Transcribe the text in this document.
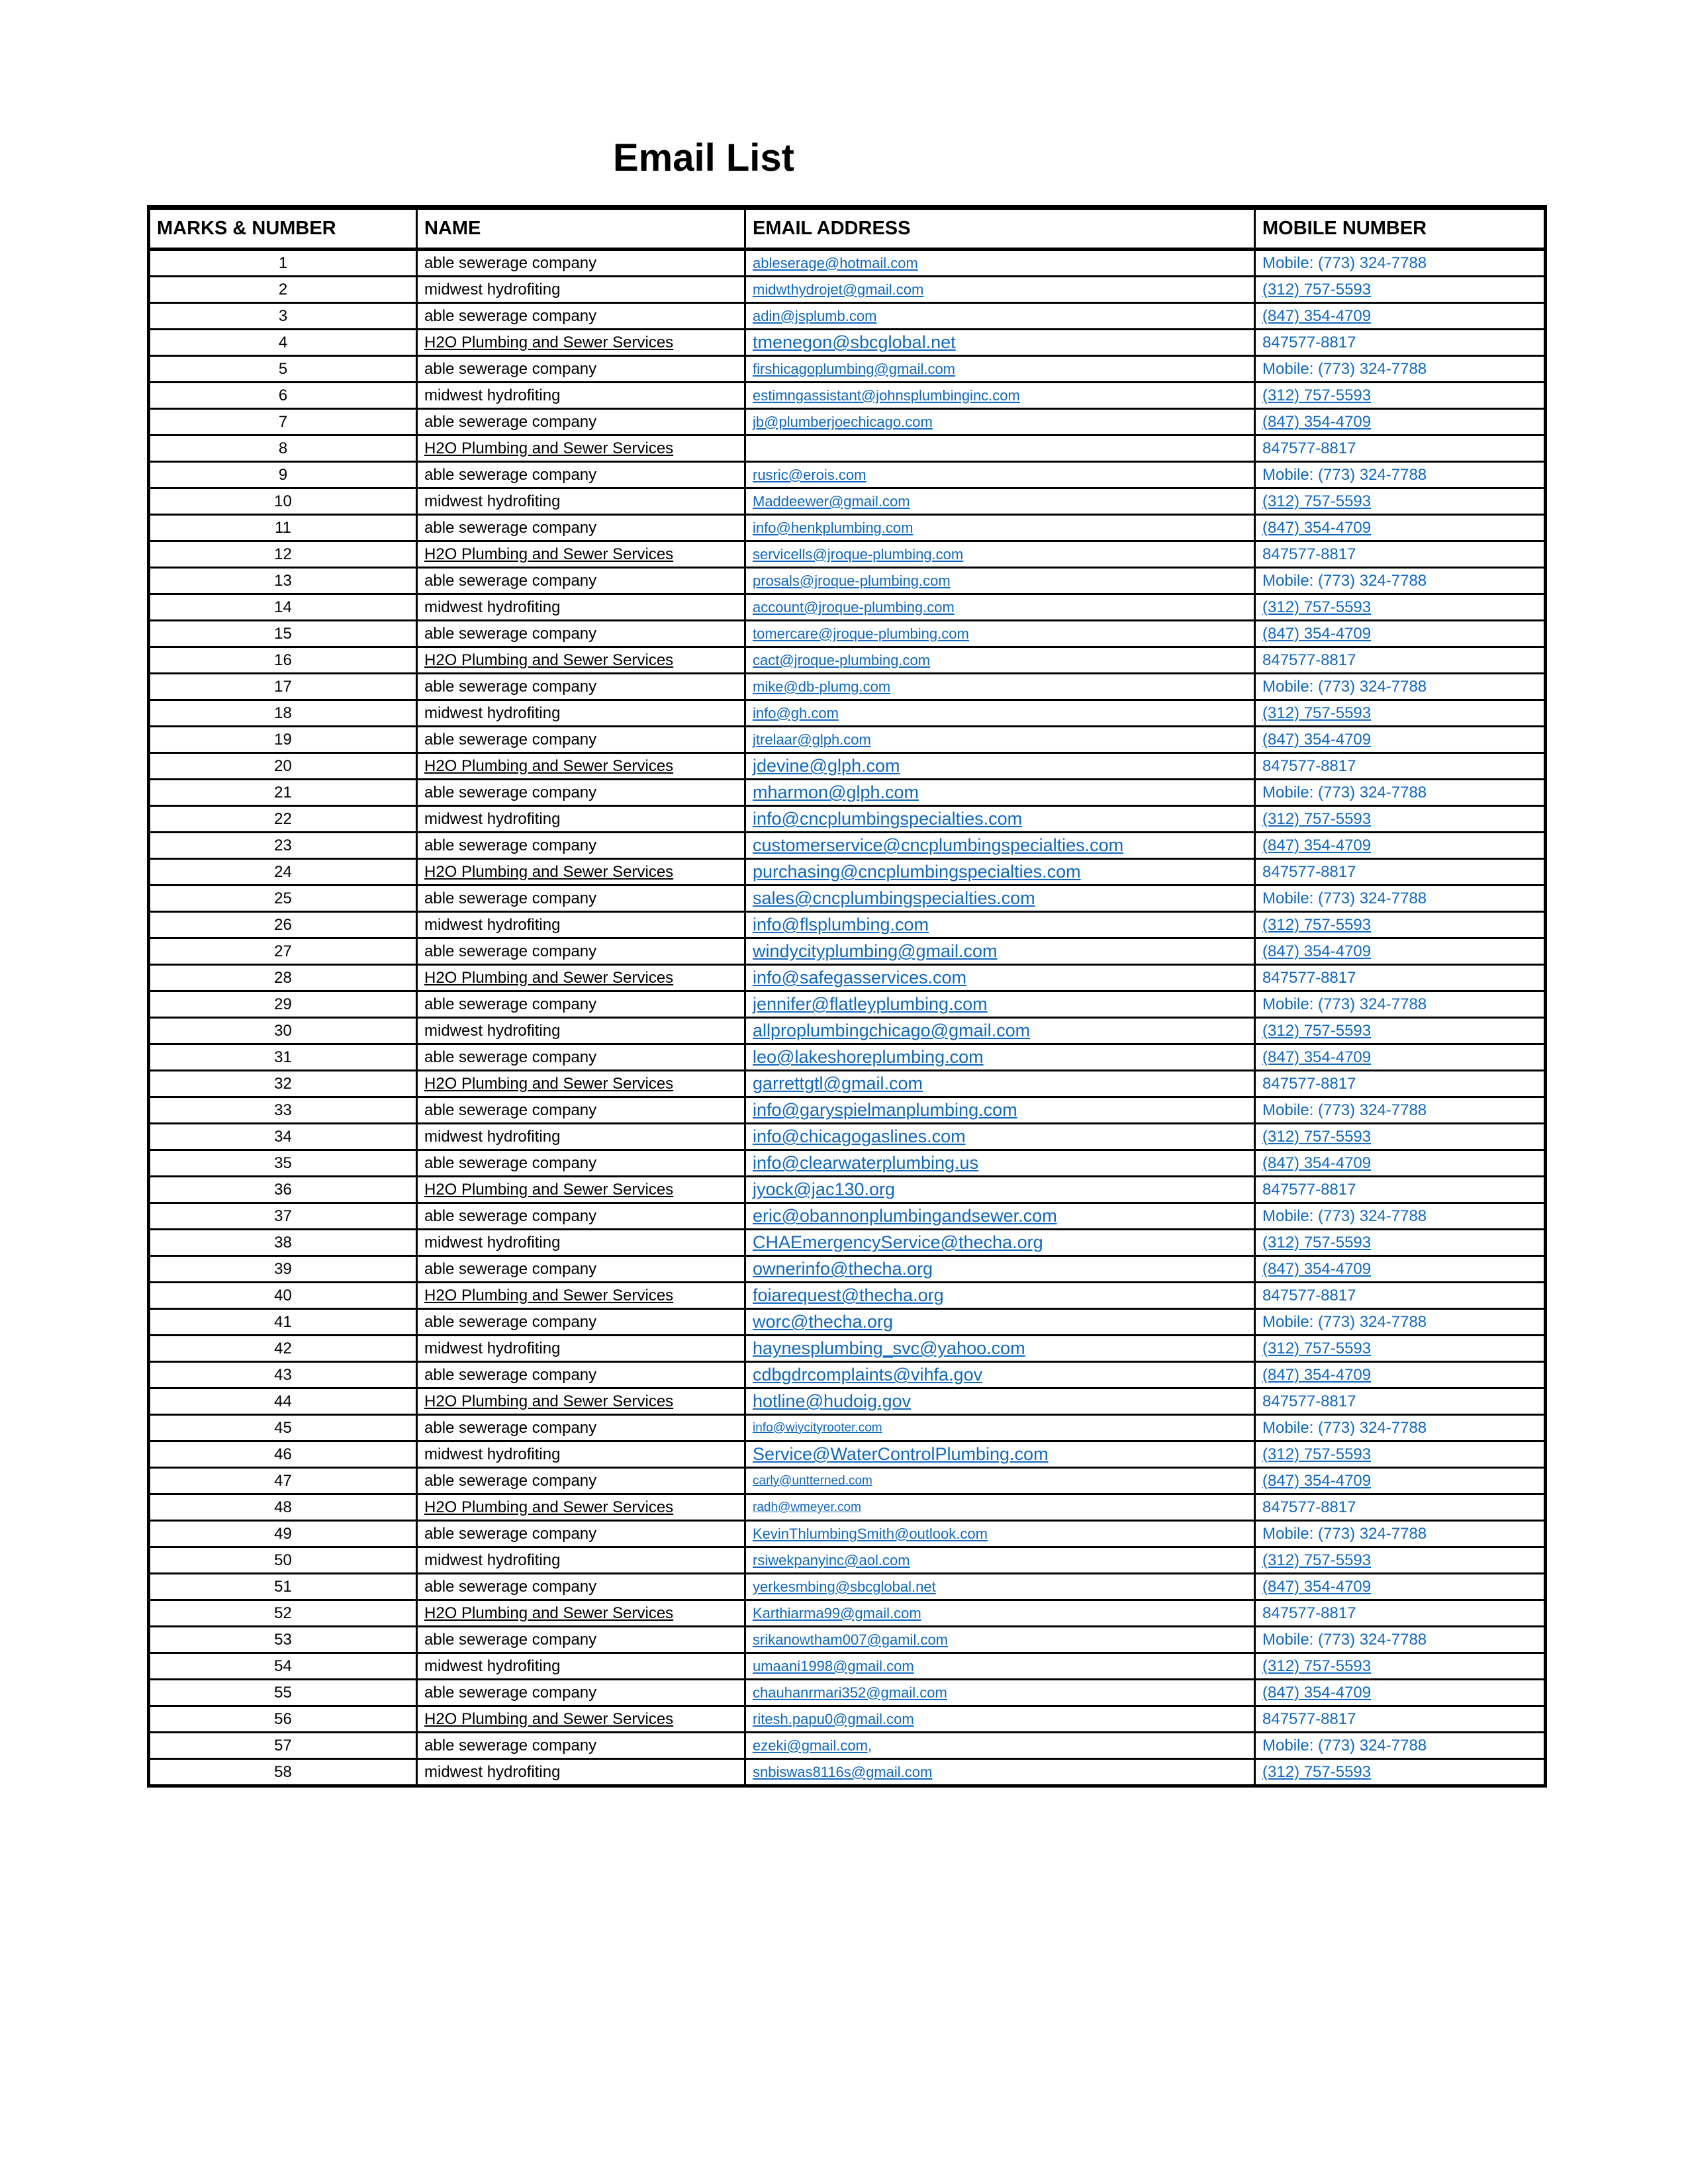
Email List
MARKS & NUMBER	NAME	EMAIL ADDRESS	MOBILE NUMBER
1	able sewerage company	ableserage@hotmail.com	Mobile: (773) 324-7788
2	midwest hydrofiting	midwthydrojet@gmail.com	(312) 757-5593
3	able sewerage company	adin@jsplumb.com	(847) 354-4709
4	H2O Plumbing and Sewer Services	tmenegon@sbcglobal.net	847577-8817
5	able sewerage company	firshicagoplumbing@gmail.com	Mobile: (773) 324-7788
6	midwest hydrofiting	estimngassistant@johnsplumbinginc.com	(312) 757-5593
7	able sewerage company	jb@plumberjoechicago.com	(847) 354-4709
8	H2O Plumbing and Sewer Services		847577-8817
9	able sewerage company	rusric@erois.com	Mobile: (773) 324-7788
10	midwest hydrofiting	Maddeewer@gmail.com	(312) 757-5593
11	able sewerage company	info@henkplumbing.com	(847) 354-4709
12	H2O Plumbing and Sewer Services	servicells@jroque-plumbing.com	847577-8817
13	able sewerage company	prosals@jroque-plumbing.com	Mobile: (773) 324-7788
14	midwest hydrofiting	account@jroque-plumbing.com	(312) 757-5593
15	able sewerage company	tomercare@jroque-plumbing.com	(847) 354-4709
16	H2O Plumbing and Sewer Services	cact@jroque-plumbing.com	847577-8817
17	able sewerage company	mike@db-plumg.com	Mobile: (773) 324-7788
18	midwest hydrofiting	info@gh.com	(312) 757-5593
19	able sewerage company	jtrelaar@glph.com	(847) 354-4709
20	H2O Plumbing and Sewer Services	jdevine@glph.com	847577-8817
21	able sewerage company	mharmon@glph.com	Mobile: (773) 324-7788
22	midwest hydrofiting	info@cncplumbingspecialties.com	(312) 757-5593
23	able sewerage company	customerservice@cncplumbingspecialties.com	(847) 354-4709
24	H2O Plumbing and Sewer Services	purchasing@cncplumbingspecialties.com	847577-8817
25	able sewerage company	sales@cncplumbingspecialties.com	Mobile: (773) 324-7788
26	midwest hydrofiting	info@flsplumbing.com	(312) 757-5593
27	able sewerage company	windycityplumbing@gmail.com	(847) 354-4709
28	H2O Plumbing and Sewer Services	info@safegasservices.com	847577-8817
29	able sewerage company	jennifer@flatleyplumbing.com	Mobile: (773) 324-7788
30	midwest hydrofiting	allproplumbingchicago@gmail.com	(312) 757-5593
31	able sewerage company	leo@lakeshoreplumbing.com	(847) 354-4709
32	H2O Plumbing and Sewer Services	garrettgtl@gmail.com	847577-8817
33	able sewerage company	info@garyspielmanplumbing.com	Mobile: (773) 324-7788
34	midwest hydrofiting	info@chicagogaslines.com	(312) 757-5593
35	able sewerage company	info@clearwaterplumbing.us	(847) 354-4709
36	H2O Plumbing and Sewer Services	jyock@jac130.org	847577-8817
37	able sewerage company	eric@obannonplumbingandsewer.com	Mobile: (773) 324-7788
38	midwest hydrofiting	CHAEmergencyService@thecha.org	(312) 757-5593
39	able sewerage company	ownerinfo@thecha.org	(847) 354-4709
40	H2O Plumbing and Sewer Services	foiarequest@thecha.org	847577-8817
41	able sewerage company	worc@thecha.org	Mobile: (773) 324-7788
42	midwest hydrofiting	haynesplumbing_svc@yahoo.com	(312) 757-5593
43	able sewerage company	cdbgdrcomplaints@vihfa.gov	(847) 354-4709
44	H2O Plumbing and Sewer Services	hotline@hudoig.gov	847577-8817
45	able sewerage company	info@wiycityrooter.com	Mobile: (773) 324-7788
46	midwest hydrofiting	Service@WaterControlPlumbing.com	(312) 757-5593
47	able sewerage company	carly@untterned.com	(847) 354-4709
48	H2O Plumbing and Sewer Services	radh@wmeyer.com	847577-8817
49	able sewerage company	KevinThlumbingSmith@outlook.com	Mobile: (773) 324-7788
50	midwest hydrofiting	rsiwekpanyinc@aol.com	(312) 757-5593
51	able sewerage company	yerkesmbing@sbcglobal.net	(847) 354-4709
52	H2O Plumbing and Sewer Services	Karthiarma99@gmail.com	847577-8817
53	able sewerage company	srikanowtham007@gamil.com	Mobile: (773) 324-7788
54	midwest hydrofiting	umaani1998@gmail.com	(312) 757-5593
55	able sewerage company	chauhanrmari352@gmail.com	(847) 354-4709
56	H2O Plumbing and Sewer Services	ritesh.papu0@gmail.com	847577-8817
57	able sewerage company	ezeki@gmail.com,	Mobile: (773) 324-7788
58	midwest hydrofiting	snbiswas8116s@gmail.com	(312) 757-5593
